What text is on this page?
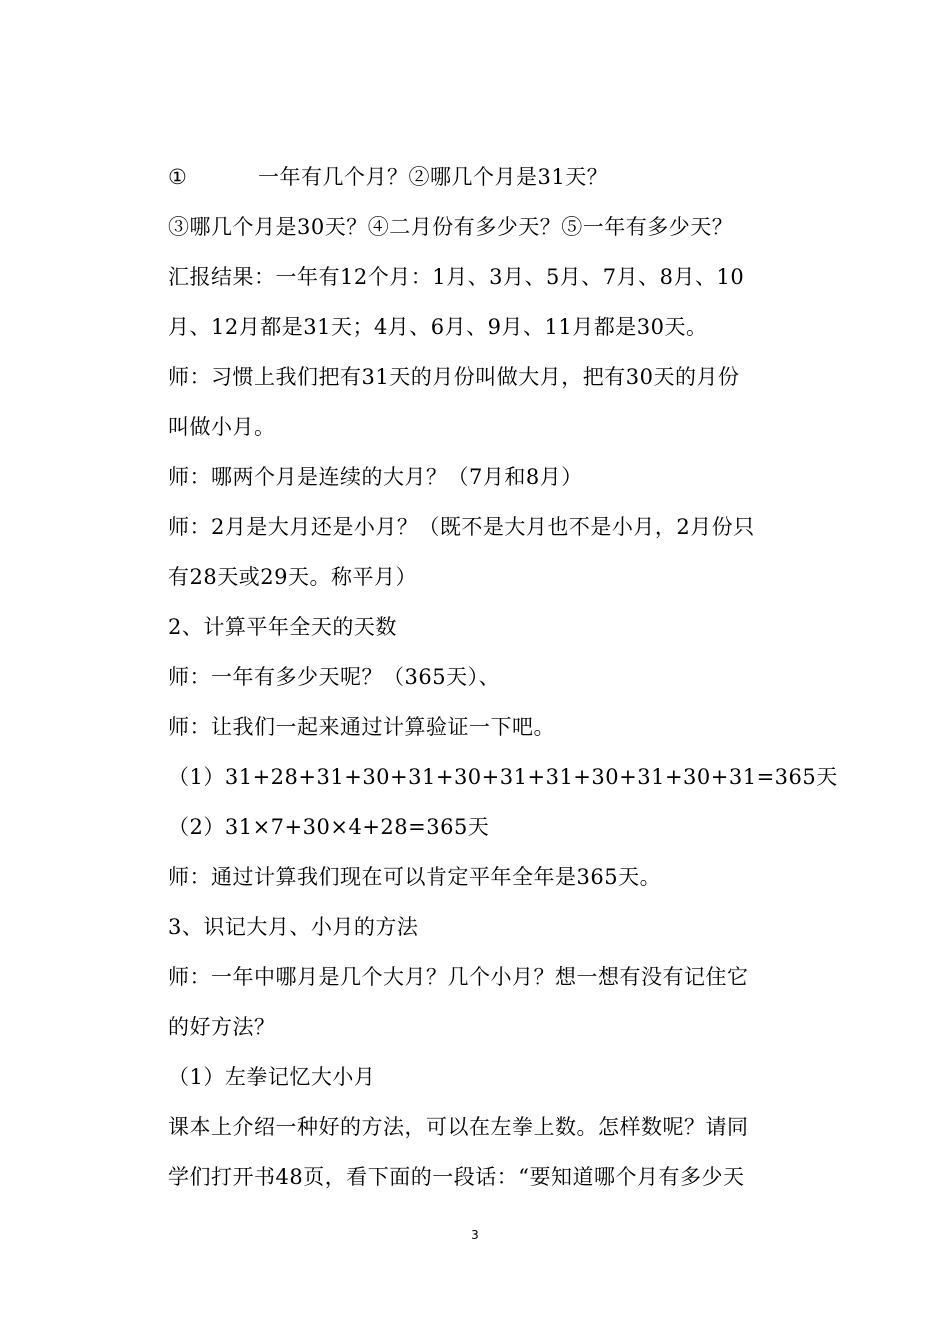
①	一年有几个月？②哪几个月是31天？
③哪几个月是30天？④二月份有多少天？⑤一年有多少天？
汇报结果：一年有12个月：1月、3月、5月、7月、8月、10
月、12月都是31天；4月、6月、9月、11月都是30天。
师：习惯上我们把有31天的月份叫做大月，把有30天的月份
叫做小月。
师：哪两个月是连续的大月？（7月和8月）
师：2月是大月还是小月？（既不是大月也不是小月，2月份只
有28天或29天。称平月）
2、计算平年全天的天数
师：一年有多少天呢？（365天）、
师：让我们一起来通过计算验证一下吧。
（1）31+28+31+30+31+30+31+31+30+31+30+31=365天
（2）31×7+30×4+28=365天
师：通过计算我们现在可以肯定平年全年是365天。
3、识记大月、小月的方法
师：一年中哪月是几个大月？几个小月？想一想有没有记住它
的好方法？
（1）左拳记忆大小月
课本上介绍一种好的方法，可以在左拳上数。怎样数呢？请同
学们打开书48页，看下面的一段话：“要知道哪个月有多少天
3
